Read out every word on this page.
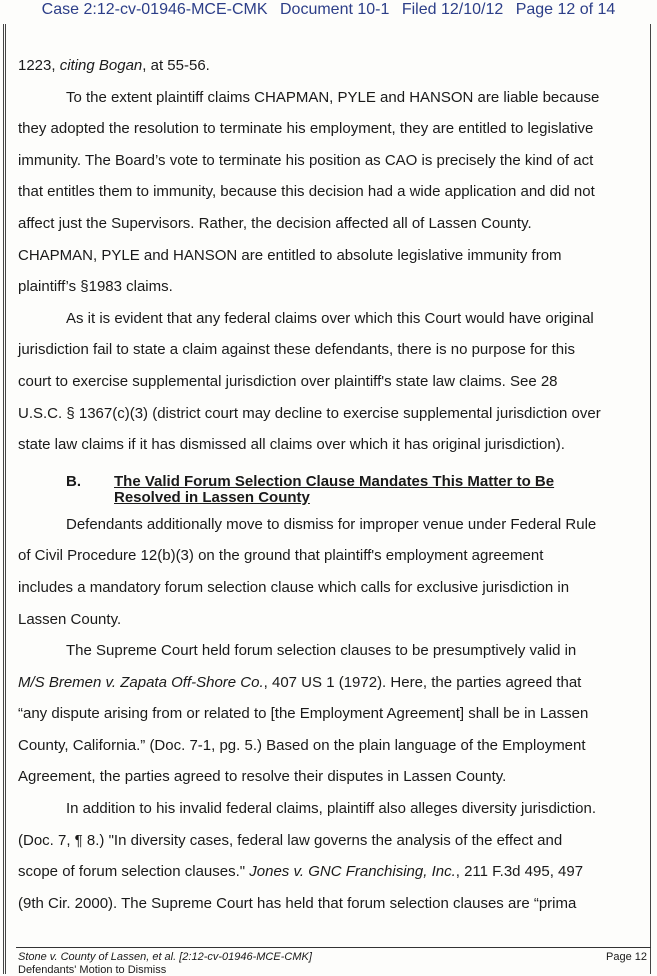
Case 2:12-cv-01946-MCE-CMK Document 10-1 Filed 12/10/12 Page 12 of 14
1223, citing Bogan, at 55-56.
To the extent plaintiff claims CHAPMAN, PYLE and HANSON are liable because
they adopted the resolution to terminate his employment, they are entitled to legislative
immunity. The Board’s vote to terminate his position as CAO is precisely the kind of act
that entitles them to immunity, because this decision had a wide application and did not
affect just the Supervisors. Rather, the decision affected all of Lassen County.
CHAPMAN, PYLE and HANSON are entitled to absolute legislative immunity from
plaintiff’s §1983 claims.
As it is evident that any federal claims over which this Court would have original
jurisdiction fail to state a claim against these defendants, there is no purpose for this
court to exercise supplemental jurisdiction over plaintiff's state law claims. See 28
U.S.C. § 1367(c)(3) (district court may decline to exercise supplemental jurisdiction over
state law claims if it has dismissed all claims over which it has original jurisdiction).
B. The Valid Forum Selection Clause Mandates This Matter to Be
Resolved in Lassen County
Defendants additionally move to dismiss for improper venue under Federal Rule
of Civil Procedure 12(b)(3) on the ground that plaintiff's employment agreement
includes a mandatory forum selection clause which calls for exclusive jurisdiction in
Lassen County.
The Supreme Court held forum selection clauses to be presumptively valid in
M/S Bremen v. Zapata Off-Shore Co., 407 US 1 (1972). Here, the parties agreed that
“any dispute arising from or related to [the Employment Agreement] shall be in Lassen
County, California.” (Doc. 7-1, pg. 5.) Based on the plain language of the Employment
Agreement, the parties agreed to resolve their disputes in Lassen County.
In addition to his invalid federal claims, plaintiff also alleges diversity jurisdiction.
(Doc. 7, ¶ 8.) "In diversity cases, federal law governs the analysis of the effect and
scope of forum selection clauses." Jones v. GNC Franchising, Inc., 211 F.3d 495, 497
(9th Cir. 2000). The Supreme Court has held that forum selection clauses are “prima
Stone v. County of Lassen, et al. [2:12-cv-01946-MCE-CMK]
Defendants' Motion to Dismiss
Page 12
